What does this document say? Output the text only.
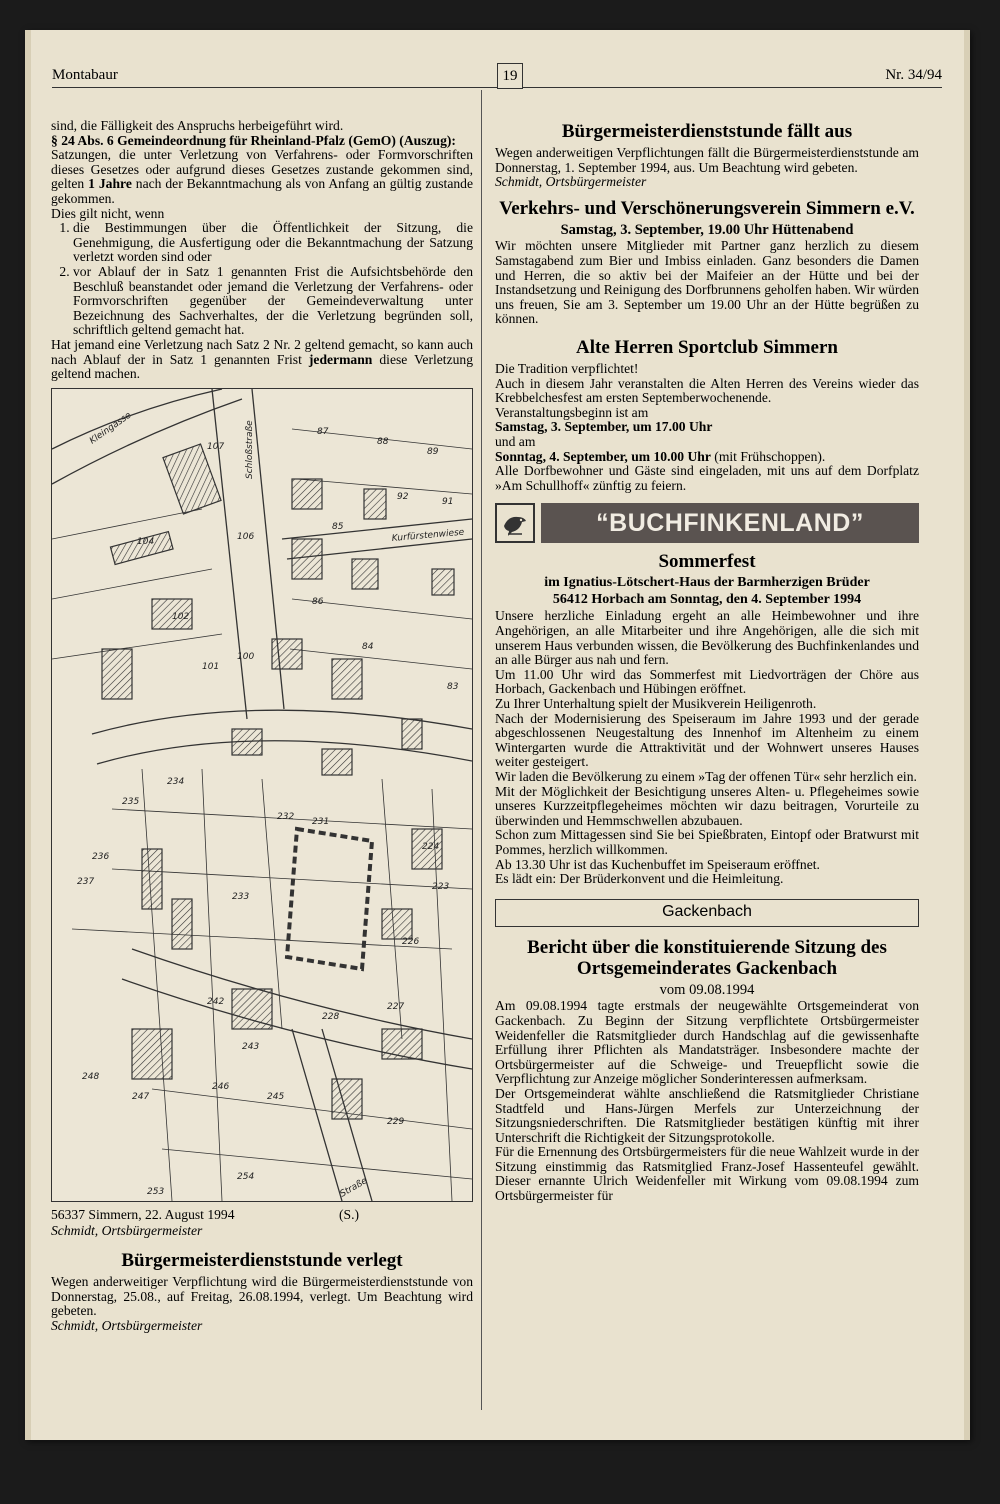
Montabaur	19	Nr. 34/94

sind, die Fälligkeit des Anspruchs herbeigeführt wird.

§ 24 Abs. 6 Gemeindeordnung für Rheinland-Pfalz (GemO) (Auszug):

Satzungen, die unter Verletzung von Verfahrens- oder Formvorschriften dieses Gesetzes oder aufgrund dieses Gesetzes zustande gekommen sind, gelten 1 Jahre nach der Bekanntmachung als von Anfang an gültig zustande gekommen.

Dies gilt nicht, wenn

1. die Bestimmungen über die Öffentlichkeit der Sitzung, die Genehmigung, die Ausfertigung oder die Bekanntmachung der Satzung verletzt worden sind oder
2. vor Ablauf der in Satz 1 genannten Frist die Aufsichtsbehörde den Beschluß beanstandet oder jemand die Verletzung der Verfahrens- oder Formvorschriften gegenüber der Gemeindeverwaltung unter Bezeichnung des Sachverhaltes, der die Verletzung begründen soll, schriftlich geltend gemacht hat.

Hat jemand eine Verletzung nach Satz 2 Nr. 2 geltend gemacht, so kann auch nach Ablauf der in Satz 1 genannten Frist jedermann diese Verletzung geltend machen.

Kleingasse	Schloßstraße
Kurfürstenwiese
Straße
87
88
89
92	91
85
86
84
83
100
101
102
104	106
107
234
235
233
232 231
226
224
223
228
227
243
246
245
247
248
229
254
253
242
236
237
56337 Simmern, 22. August 1994	(S.)

Schmidt, Ortsbürgermeister

Bürgermeisterdienststunde verlegt

Wegen anderweitiger Verpflichtung wird die Bürgermeisterdienststunde von Donnerstag, 25.08., auf Freitag, 26.08.1994, verlegt. Um Beachtung wird gebeten.

Schmidt, Ortsbürgermeister

Bürgermeisterdienststunde fällt aus

Wegen anderweitigen Verpflichtungen fällt die Bürgermeisterdienststunde am Donnerstag, 1. September 1994, aus. Um Beachtung wird gebeten.

Schmidt, Ortsbürgermeister

Verkehrs- und Verschönerungsverein Simmern e.V.
Samstag, 3. September, 19.00 Uhr Hüttenabend

Wir möchten unsere Mitglieder mit Partner ganz herzlich zu diesem Samstagabend zum Bier und Imbiss einladen. Ganz besonders die Damen und Herren, die so aktiv bei der Maifeier an der Hütte und bei der Instandsetzung und Reinigung des Dorfbrunnens geholfen haben. Wir würden uns freuen, Sie am 3. September um 19.00 Uhr an der Hütte begrüßen zu können.

Alte Herren Sportclub Simmern

Die Tradition verpflichtet!

Auch in diesem Jahr veranstalten die Alten Herren des Vereins wieder das Krebbelchesfest am ersten Septemberwochenende.

Veranstaltungsbeginn ist am

Samstag, 3. September, um 17.00 Uhr

und am

Sonntag, 4. September, um 10.00 Uhr (mit Frühschoppen).

Alle Dorfbewohner und Gäste sind eingeladen, mit uns auf dem Dorfplatz »Am Schullhoff« zünftig zu feiern.

“BUCHFINKENLAND”
Sommerfest
im Ignatius-Lötschert-Haus der Barmherzigen Brüder
56412 Horbach am Sonntag, den 4. September 1994

Unsere herzliche Einladung ergeht an alle Heimbewohner und ihre Angehörigen, an alle Mitarbeiter und ihre Angehörigen, alle die sich mit unserem Haus verbunden wissen, die Bevölkerung des Buchfinkenlandes und an alle Bürger aus nah und fern.

Um 11.00 Uhr wird das Sommerfest mit Liedvorträgen der Chöre aus Horbach, Gackenbach und Hübingen eröffnet.

Zu Ihrer Unterhaltung spielt der Musikverein Heiligenroth.

Nach der Modernisierung des Speiseraum im Jahre 1993 und der gerade abgeschlossenen Neugestaltung des Innenhof im Altenheim zu einem Wintergarten wurde die Attraktivität und der Wohnwert unseres Hauses weiter gesteigert.

Wir laden die Bevölkerung zu einem »Tag der offenen Tür« sehr herzlich ein.

Mit der Möglichkeit der Besichtigung unseres Alten- u. Pflegeheimes sowie unseres Kurzzeitpflegeheimes möchten wir dazu beitragen, Vorurteile zu überwinden und Hemmschwellen abzubauen.

Schon zum Mittagessen sind Sie bei Spießbraten, Eintopf oder Bratwurst mit Pommes, herzlich willkommen.

Ab 13.30 Uhr ist das Kuchenbuffet im Speiseraum eröffnet.

Es lädt ein: Der Brüderkonvent und die Heimleitung.

Gackenbach
Bericht über die konstituierende Sitzung des Ortsgemeinderates Gackenbach
vom 09.08.1994

Am 09.08.1994 tagte erstmals der neugewählte Ortsgemeinderat von Gackenbach. Zu Beginn der Sitzung verpflichtete Ortsbürgermeister Weidenfeller die Ratsmitglieder durch Handschlag auf die gewissenhafte Erfüllung ihrer Pflichten als Mandatsträger. Insbesondere machte der Ortsbürgermeister auf die Schweige- und Treuepflicht sowie die Verpflichtung zur Anzeige möglicher Sonderinteressen aufmerksam.

Der Ortsgemeinderat wählte anschließend die Ratsmitglieder Christiane Stadtfeld und Hans-Jürgen Merfels zur Unterzeichnung der Sitzungsniederschriften. Die Ratsmitglieder bestätigen künftig mit ihrer Unterschrift die Richtigkeit der Sitzungsprotokolle.

Für die Ernennung des Ortsbürgermeisters für die neue Wahlzeit wurde in der Sitzung einstimmig das Ratsmitglied Franz-Josef Hassenteufel gewählt. Dieser ernannte Ulrich Weidenfeller mit Wirkung vom 09.08.1994 zum Ortsbürgermeister für
